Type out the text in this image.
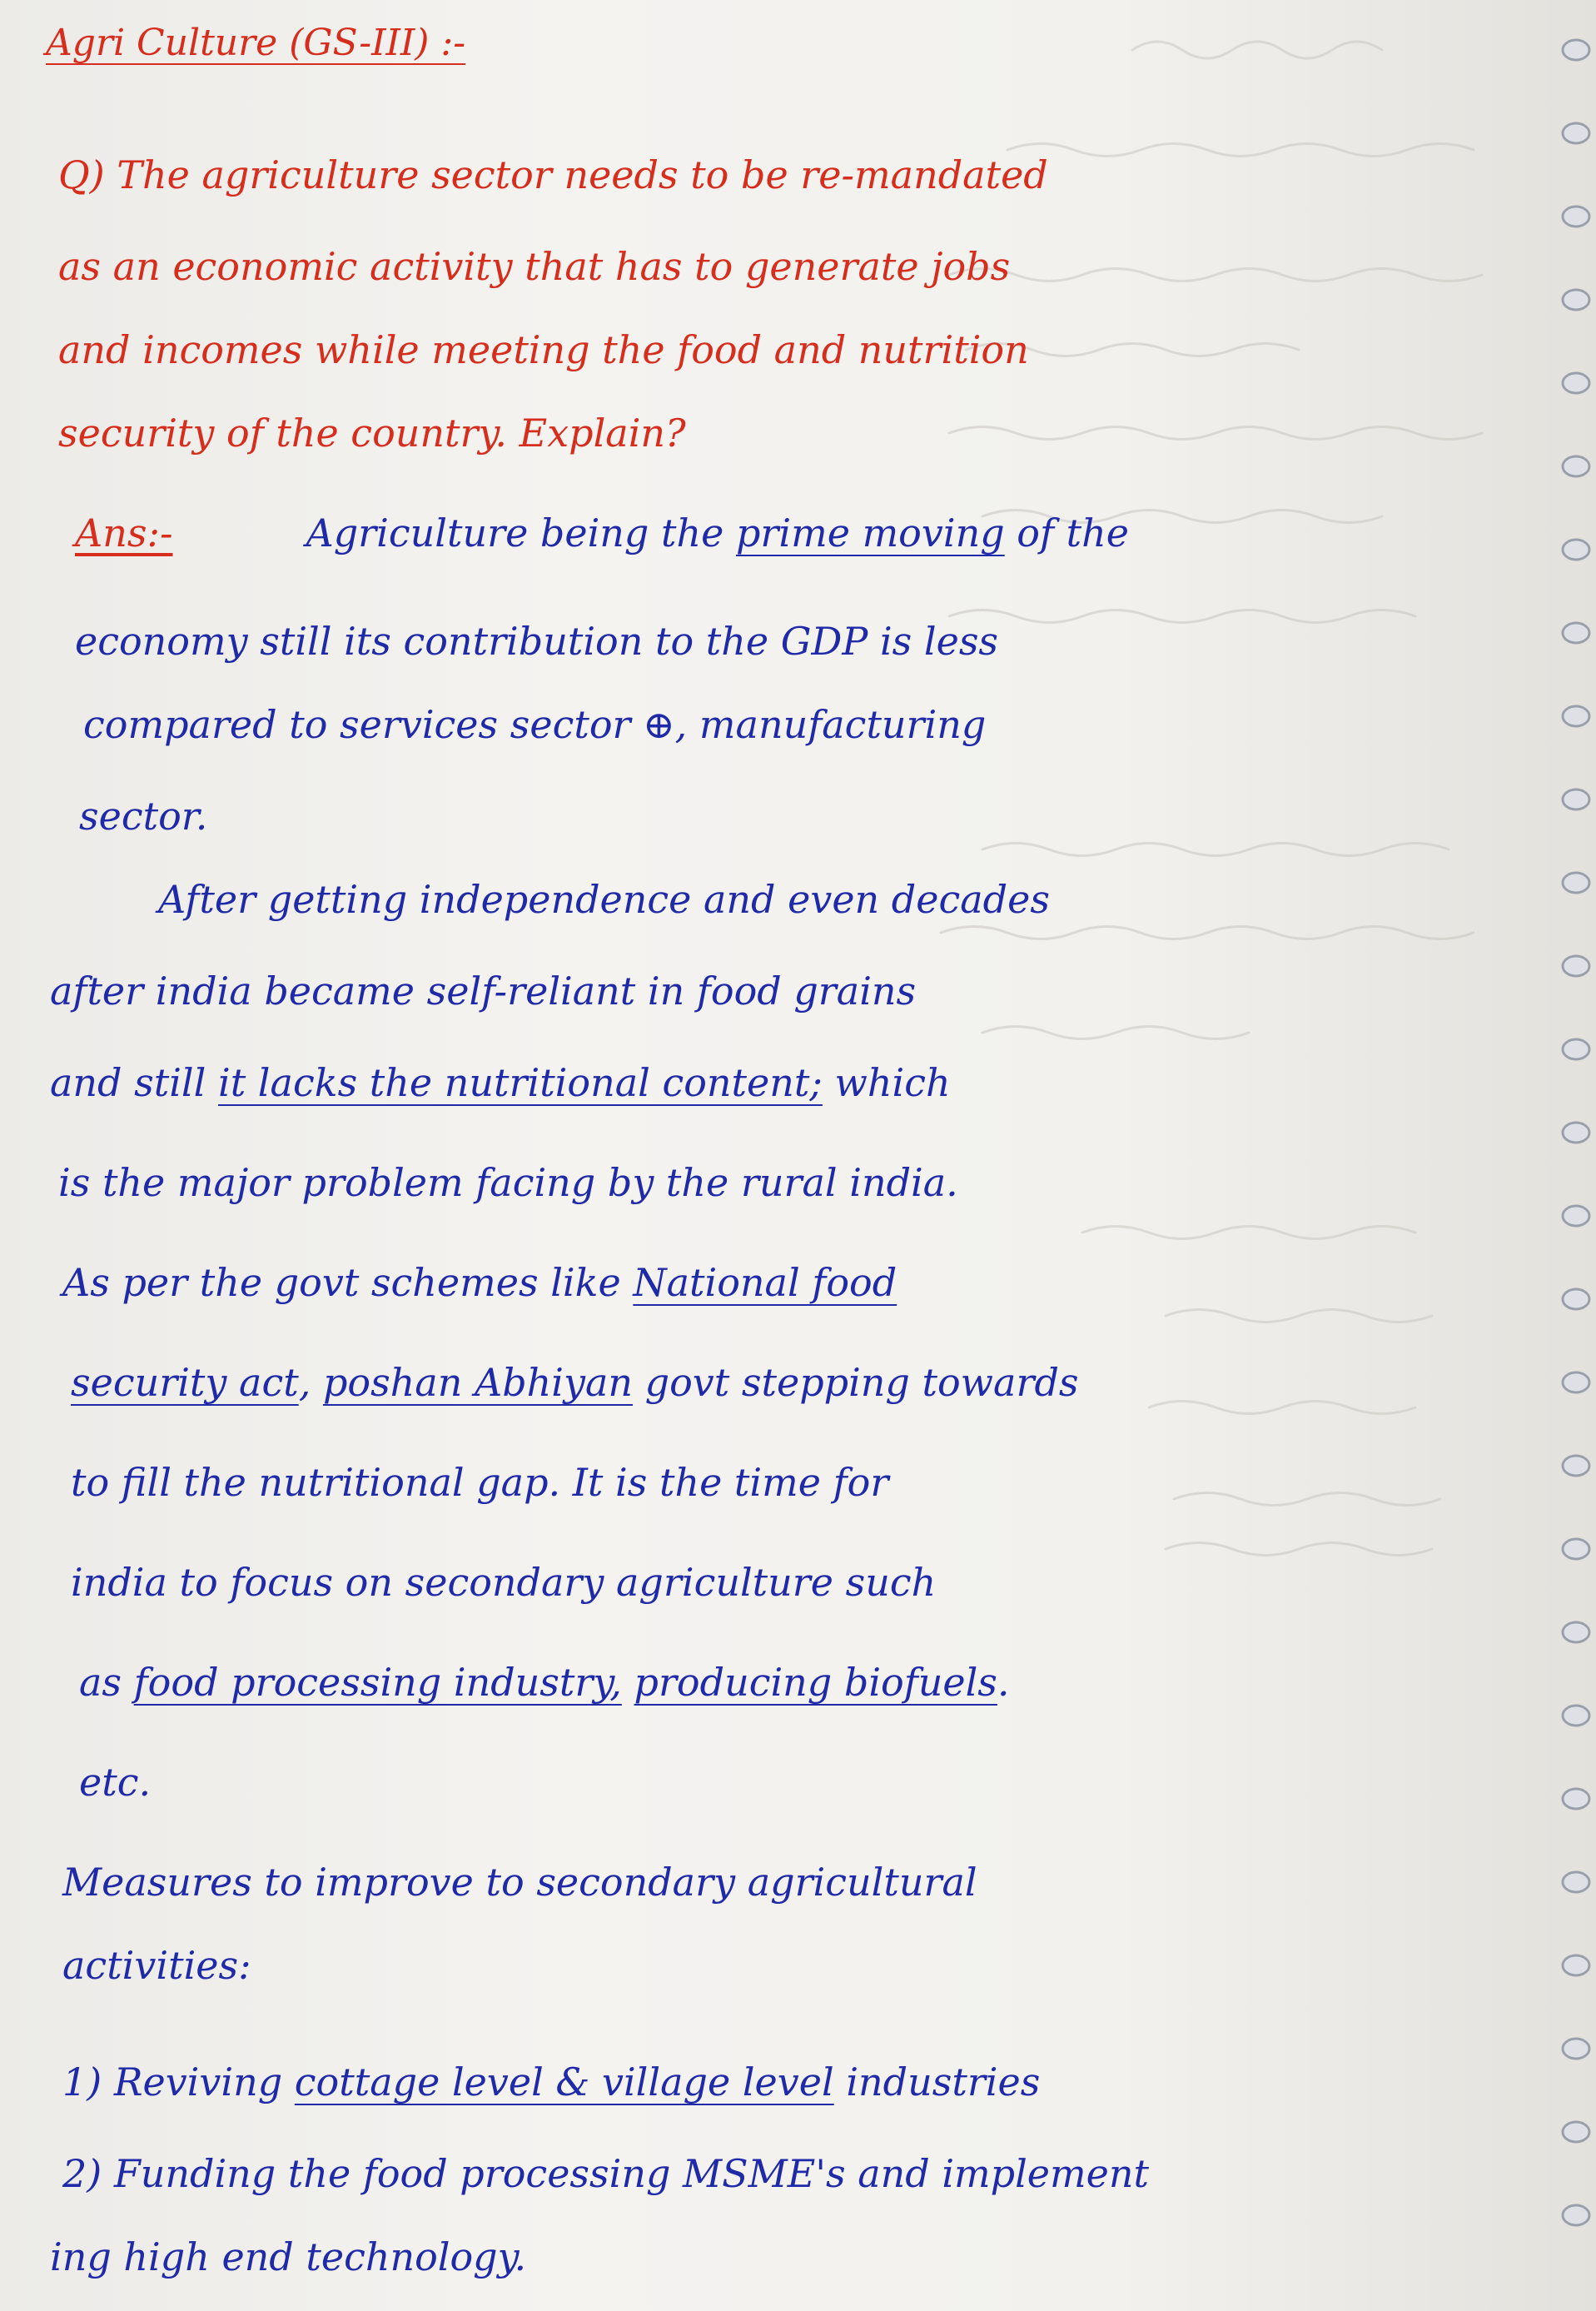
Agri Culture (GS-III) :-

Q) The agriculture sector needs to be re-mandated

as an economic activity that has to generate jobs

and incomes while meeting the food and nutrition

security of the country. Explain?

Ans:-	Agriculture being the prime moving of the

economy still its contribution to the GDP is less

compared to services sector ⊕, manufacturing

sector.

After getting independence and even decades

after india became self-reliant in food grains

and still it lacks the nutritional content; which

is the major problem facing by the rural india.

As per the govt schemes like National food

security act, poshan Abhiyan govt stepping towards

to fill the nutritional gap. It is the time for

india to focus on secondary agriculture such

as food processing industry, producing biofuels.

etc.

Measures to improve to secondary agricultural

activities:

1) Reviving cottage level & village level industries

2) Funding the food processing MSME's and implement

ing high end technology.
